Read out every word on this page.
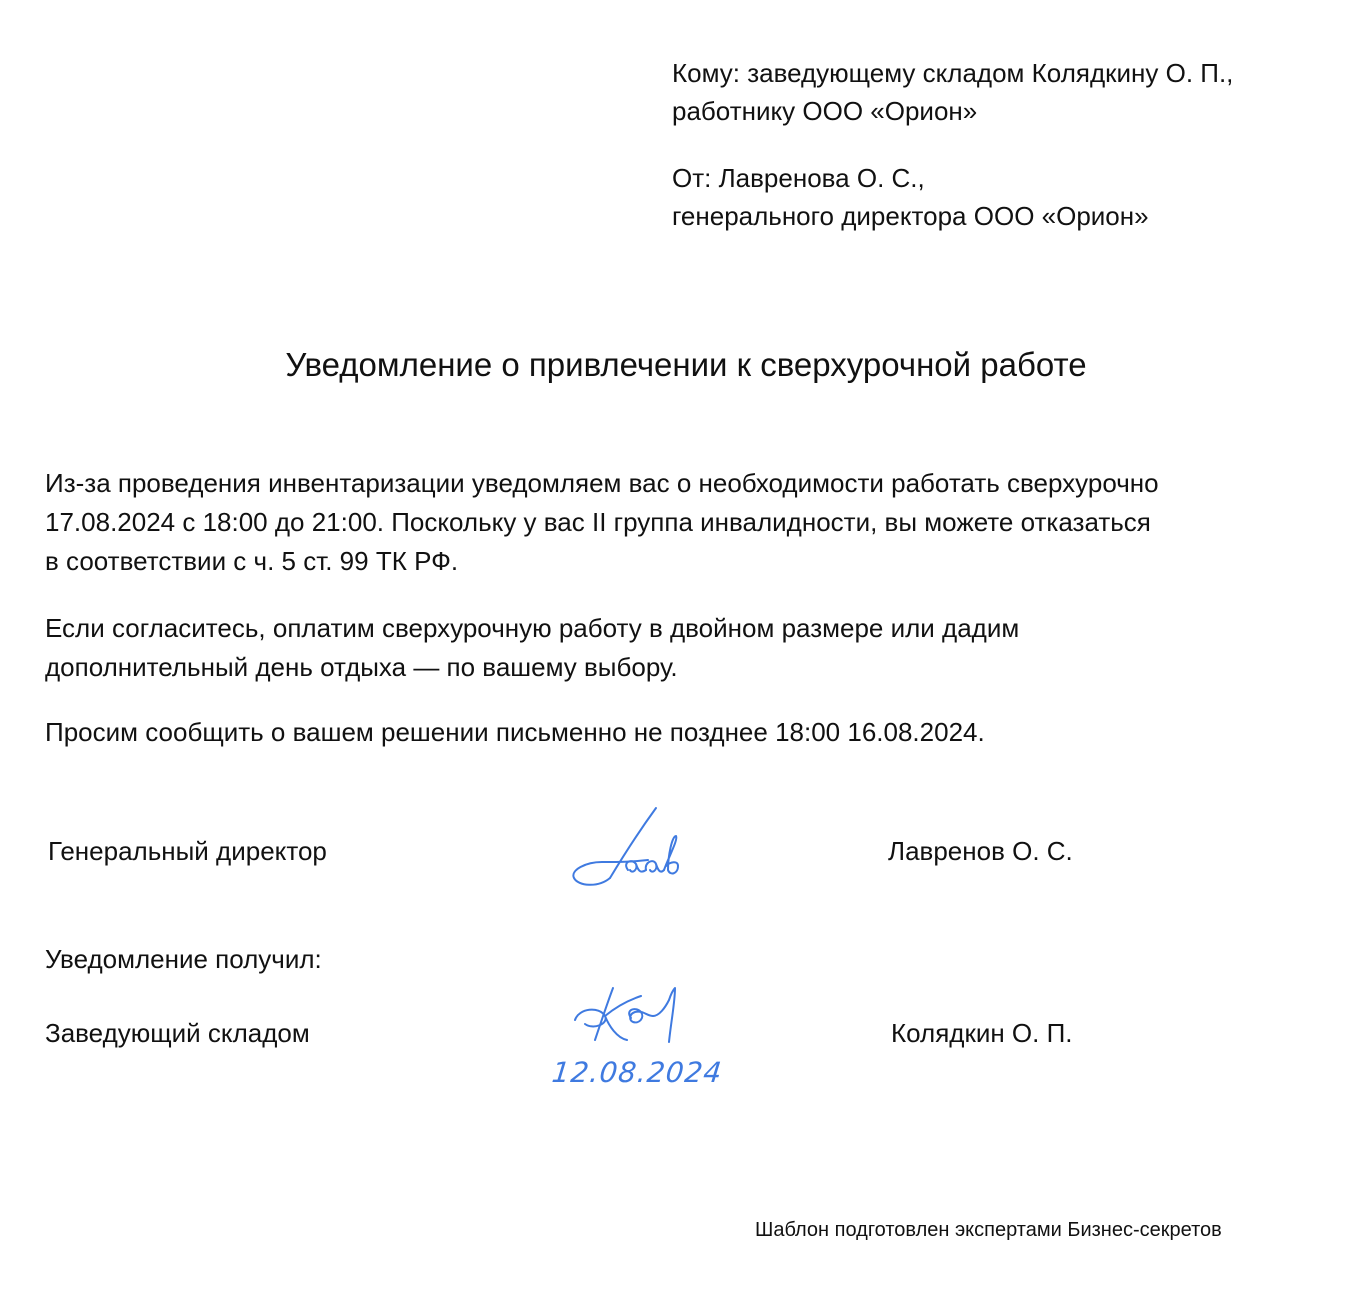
Кому: заведующему складом Колядкину О. П.,
работнику ООО «Орион»
От: Лавренова О. С.,
генерального директора ООО «Орион»
Уведомление о привлечении к сверхурочной работе
Из-за проведения инвентаризации уведомляем вас о необходимости работать сверхурочно
17.08.2024 с 18:00 до 21:00. Поскольку у вас II группа инвалидности, вы можете отказаться
в соответствии с ч. 5 ст. 99 ТК РФ.
Если согласитесь, оплатим сверхурочную работу в двойном размере или дадим
дополнительный день отдыха — по вашему выбору.
Просим сообщить о вашем решении письменно не позднее 18:00 16.08.2024.
Генеральный директор	Лавренов О. С.
Уведомление получил:
Заведующий складом
12.08.2024
Колядкин О. П.
Шаблон подготовлен экспертами Бизнес-секретов
